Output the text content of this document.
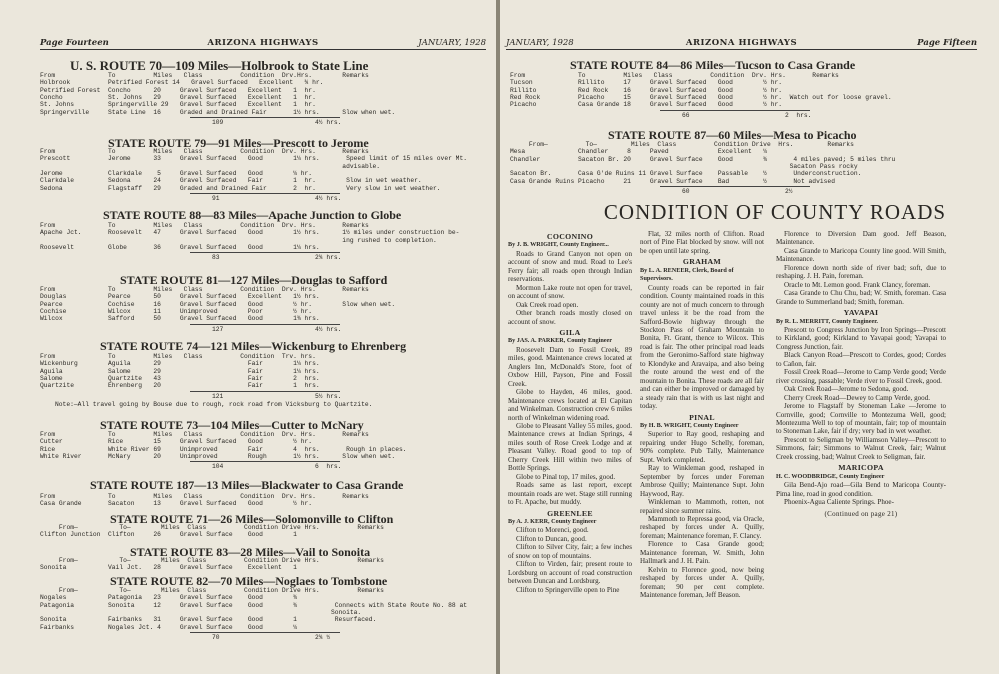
Page Fourteen	ARIZONA HIGHWAYS	JANUARY, 1928
U. S. ROUTE 70—109 Miles—Holbrook to State Line
From              To          Miles   Class          Condition  Drv.Hrs.        Remarks
Holbrook          Petrified Forest 14   Gravel Surfaced   Excellent   ¾ hr.
Petrified Forest  Concho      20     Gravel Surfaced   Excellent   1  hr.
Concho            St. Johns   29     Gravel Surfaced   Excellent   1  hr.
St. Johns         Springerville 29   Gravel Surfaced   Excellent   1  hr.
Springerville     State Line  16     Graded and Drained Fair       1½ hrs.      Slow when wet.
109	4½ hrs.
STATE ROUTE 79—91 Miles—Prescott to Jerome
From              To          Miles   Class          Condition  Drv. Hrs.       Remarks
Prescott          Jerome      33     Gravel Surfaced   Good        1¼ hrs.       Speed limit of 15 miles over Mt.
advisable.
Jerome            Clarkdale    5     Gravel Surfaced   Good        ¼ hr.
Clarkdale         Sedona      24     Gravel Surfaced   Fair        1  hr.        Slow in wet weather.
Sedona            Flagstaff   29     Graded and Drained Fair       2  hr.        Very slow in wet weather.
91	4½ hrs.
STATE ROUTE 88—83 Miles—Apache Junction to Globe
From              To          Miles   Class          Condition  Drv. Hrs.       Remarks
Apache Jct.       Roosevelt   47     Gravel Surfaced   Good        1½ hrs.      1½ miles under construction be-
ing rushed to completion.
Roosevelt         Globe       36     Gravel Surfaced   Good        1¼ hrs.
83	2¾ hrs.
STATE ROUTE 81—127 Miles—Douglas to Safford
From              To          Miles   Class          Condition  Drv. Hrs.       Remarks
Douglas           Pearce      50     Gravel Surfaced   Excellent   1½ hrs.
Pearce            Cochise     16     Gravel Surfaced   Good        ½ hr.        Slow when wet.
Cochise           Wilcox      11     Unimproved        Poor        ½ hr.
Wilcox            Safford     50     Gravel Surfaced   Good        1¾ hrs.
127	4½ hrs.
STATE ROUTE 74—121 Miles—Wickenburg to Ehrenberg
From              To          Miles   Class          Condition  Trv. hrs.
Wickenburg        Aguila      29                       Fair        1¼ hrs.
Aguila            Salome      29                       Fair        1¼ hrs.
Salome            Quartzite   43                       Fair        2  hrs.
Quartzite         Ehrenberg   20                       Fair        1  hrs.
121	5½ hrs.
Note:—All travel going by Bouse due to rough, rock road from Vicksburg to Quartzite.
STATE ROUTE 73—104 Miles—Cutter to McNary
From              To          Miles   Class          Condition  Drv. Hrs.       Remarks
Cutter            Rice        15     Gravel Surfaced   Good        ½ hr.
Rice              White River 69     Unimproved        Fair        4  hrs.       Rough in places.
White River       McNary      20     Unimproved        Rough       1½ hrs.      Slow when wet.
104	6  hrs.
STATE ROUTE 187—13 Miles—Blackwater to Casa Grande
From              To          Miles   Class          Condition  Drv. Hrs.       Remarks
Casa Grande       Sacaton     13     Gravel Surfaced   Good        ½ hr.
STATE ROUTE 71—26 Miles—Solomonville to Clifton
From—           To—        Miles  Class          Condition Drive Hrs.          Remarks
Clifton Junction  Clifton     26     Gravel Surface    Good        1
STATE ROUTE 83—28 Miles—Vail to Sonoita
From—           To—        Miles  Class          Condition Drive Hrs.          Remarks
Sonoita           Vail Jct.   28     Gravel Surface    Excellent   1
STATE ROUTE 82—70 Miles—Noglaes to Tombstone
From—           To—        Miles  Class          Condition Drive Hrs.          Remarks
Nogales           Patagonia   23     Gravel Surface    Good        ¾
Patagonia         Sonoita     12     Gravel Surface    Good        ¾          Connects with State Route No. 88 at
Sonoita.
Sonoita           Fairbanks   31     Gravel Surface    Good        1          Resurfaced.
Fairbanks         Nogales Jct. 4     Gravel Surface    Good        ¼
70	2¾ ½
JANUARY, 1928	ARIZONA HIGHWAYS	Page Fifteen
STATE ROUTE 84—86 Miles—Tucson to Casa Grande
From              To          Miles   Class          Condition  Drv. Hrs.       Remarks
Tucson            Rillito     17     Gravel Surfaced   Good        ½ hr.
Rillito           Red Rock    16     Gravel Surfaced   Good        ½ hr.
Red Rock          Picacho     15     Gravel Surfaced   Good        ½ hr.  Watch out for loose gravel.
Picacho           Casa Grande 18     Gravel Surfaced   Good        ½ hr.
66	2  hrs.
STATE ROUTE 87—60 Miles—Mesa to Picacho
From—          To—         Miles  Class          Condition Drive  Hrs.         Remarks
Mesa              Chandler     8     Paved             Excellent   ¼
Chandler          Sacaton Br. 20     Gravel Surface    Good        ¾       4 miles paved; 5 miles thru
Sacaton Pass rocky
Sacaton Br.       Casa G'de Ruins 11 Gravel Surface    Passable    ½       Underconstruction.
Casa Grande Ruins Picacho     21     Gravel Surface    Bad         ½       Not advised
60	2½
CONDITION OF COUNTY ROADS

COCONINO

By J. B. WRIGHT, County Engineer...

Roads to Grand Canyon not open on account of snow and mud. Road to Lee's Ferry fair; all roads open through Indian reservations.

Mormon Lake route not open for travel, on account of snow.

Oak Creek road open.

Other branch roads mostly closed on account of snow.

GILA

By JAS. A. PARKER, County Engineer

Roosevelt Dam to Fossil Creek, 89 miles, good. Maintenance crews located at Anglers Inn, McDonald's Store, foot of Oxbow Hill, Payson, Pine and Fossil Creek.

Globe to Hayden, 46 miles, good. Maintenance crews located at El Capitan and Winkelman. Construction crew 6 miles north of Winkelman widening road.

Globe to Pleasant Valley 55 miles, good. Maintenance crews at Indian Springs, 4 miles south of Rose Creek Lodge and at Pleasant Valley. Road good to top of Cherry Creek Hill within two miles of Bottle Springs.

Globe to Pinal top, 17 miles, good.

Roads same as last report, except mountain roads are wet. Stage still running to Ft. Apache, but muddy.

GREENLEE

By A. J. KERR, County Engineer

Clifton to Morenci, good.

Clifton to Duncan, good.

Clifton to Silver City, fair; a few inches of snow on top of mountains.

Clifton to Virden, fair; present route to Lordsburg on account of road construction between Duncan and Lordsburg.

Clifton to Springerville open to Pine

Flat, 32 miles north of Clifton. Road nort of Pine Flat blocked by snow. will not be open until late spring.

GRAHAM

By L. A. RENEER, Clerk, Board of Supervisors.

County roads can be reported in fair condition. County maintained roads in this county are not of much concern to through travel unless it be the road from the Safford-Bowie highway through the Stockton Pass of Graham Mountain to Bonita, Ft. Grant, thence to Wilcox. This road is fair. The other principal road leads from the Geronimo-Safford state highway to Klondyke and Aravaipa, and also being the route around the west end of the mountain to Bonita. These roads are all fair and can either be improved or damaged by a steady rain that is with us last night and today.

PINAL

By H. B. WRIGHT, County Engineer

Superior to Ray good, reshaping and repairing under Hugo Schelly, foreman, 90% complete. Pub Tally, Maintenance Supt. Work completed.

Ray to Winkleman good, reshaped in September by forces under Foreman Ambrose Quilly; Maintenance Supt. John Haywood, Ray.

Winkleman to Mammoth, rotten, not repaired since summer rains.

Mammoth to Repressa good, via Oracle, reshaped by forces under A. Quilly, foreman; Maintenance foreman, F. Clancy.

Florence to Casa Grande good; Maintenance foreman, W. Smith, John Hallmark and J. H. Pain.

Kelvin to Florence good, now being reshaped by forces under A. Quilly, foreman; 90 per cent complete. Maintenance foreman, Jeff Beason.

Florence to Diversion Dam good. Jeff Beason, Maintenance.

Casa Grande to Maricopa County line good. Will Smith, Maintenance.

Florence down north side of river bad; soft, due to reshaping. J. H. Pain, foreman.

Oracle to Mt. Lemon good. Frank Clancy, foreman.

Casa Grande to Chu Chu, bad; W. Smith, foreman. Casa Grande to Summerland bad; Smith, foreman.

YAVAPAI

By R. L. MERRITT, County Engineer.

Prescott to Congress Junction by Iron Springs—Prescott to Kirkland, good; Kirkland to Yavapai good; Yavapai to Congress Junction, fair.

Black Canyon Road—Prescott to Cordes, good; Cordes to Cañon, fair.

Fossil Creek Road—Jerome to Camp Verde good; Verde river crossing, passable; Verde river to Fossil Creek, good.

Oak Creek Road—Jerome to Sedona, good.

Cherry Creek Road—Dewey to Camp Verde, good.

Jerome to Flagstaff by Stoneman Lake —Jerome to Cornville, good; Cornville to Montezuma Well, good; Montezuma Well to top of mountain, fair; top of mountain to Stoneman Lake, fair if dry; very bad in wet weather.

Prescott to Seligman by Williamson Valley—Prescott to Simmons, fair; Simmons to Walnut Creek, fair; Walnut Creek crossing, bad; Walnut Creek to Seligman, fair.

MARICOPA

H. C. WOODBRIDGE, County Engineer

Gila Bend-Ajo road—Gila Bend to Maricopa County-Pima line, road in good condition.

Phoenix-Agua Caliente Springs. Phoe-

(Continued on page 21)
